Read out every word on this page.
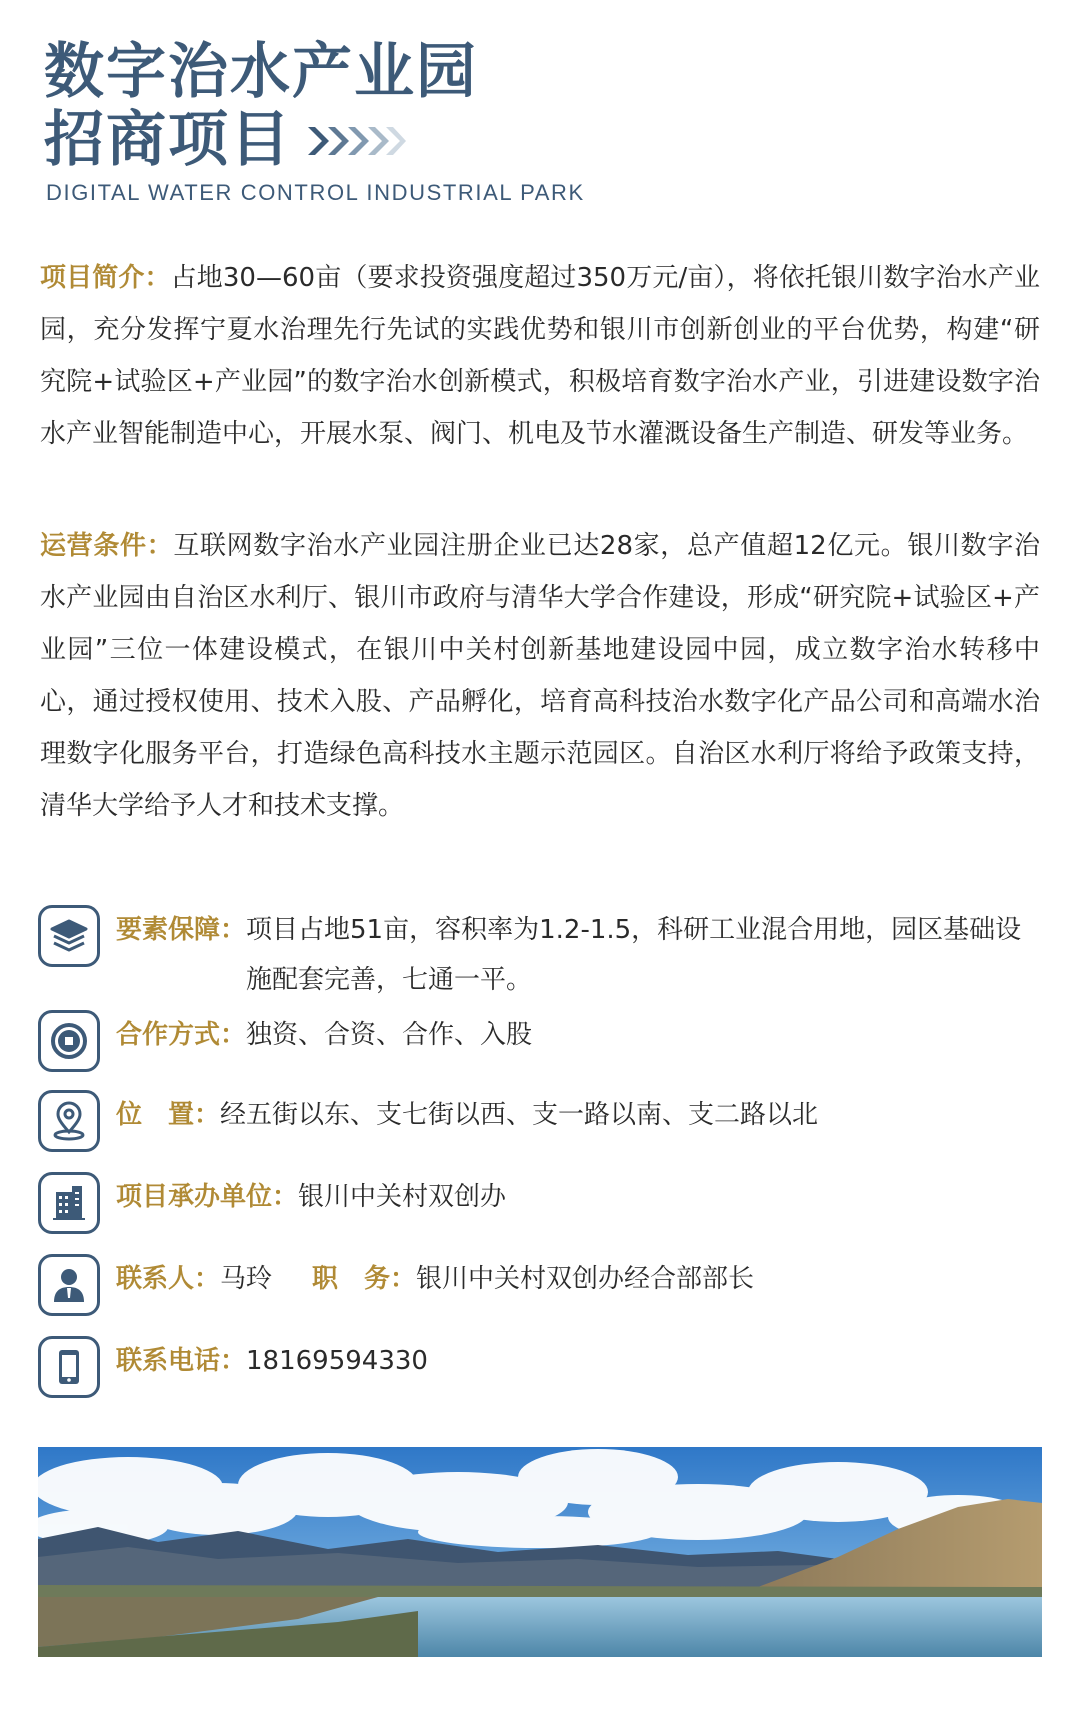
数字治水产业园
招商项目
DIGITAL WATER CONTROL INDUSTRIAL PARK

项目简介：占地30—60亩（要求投资强度超过350万元/亩），将依托银川数字治水产业园，充分发挥宁夏水治理先行先试的实践优势和银川市创新创业的平台优势，构建“研究院+试验区+产业园”的数字治水创新模式，积极培育数字治水产业，引进建设数字治水产业智能制造中心，开展水泵、阀门、机电及节水灌溉设备生产制造、研发等业务。

运营条件：互联网数字治水产业园注册企业已达28家，总产值超12亿元。银川数字治水产业园由自治区水利厅、银川市政府与清华大学合作建设，形成“研究院+试验区+产业园”三位一体建设模式，在银川中关村创新基地建设园中园，成立数字治水转移中心，通过授权使用、技术入股、产品孵化，培育高科技治水数字化产品公司和高端水治理数字化服务平台，打造绿色高科技水主题示范园区。自治区水利厅将给予政策支持，清华大学给予人才和技术支撑。

要素保障： 项目占地51亩，容积率为1.2-1.5，科研工业混合用地，园区基础设施配套完善，七通一平。
合作方式： 独资、合资、合作、入股
位　置： 经五街以东、支七街以西、支一路以南、支二路以北
项目承办单位： 银川中关村双创办
联系人： 马玲 职　务： 银川中关村双创办经合部部长
联系电话： 18169594330
